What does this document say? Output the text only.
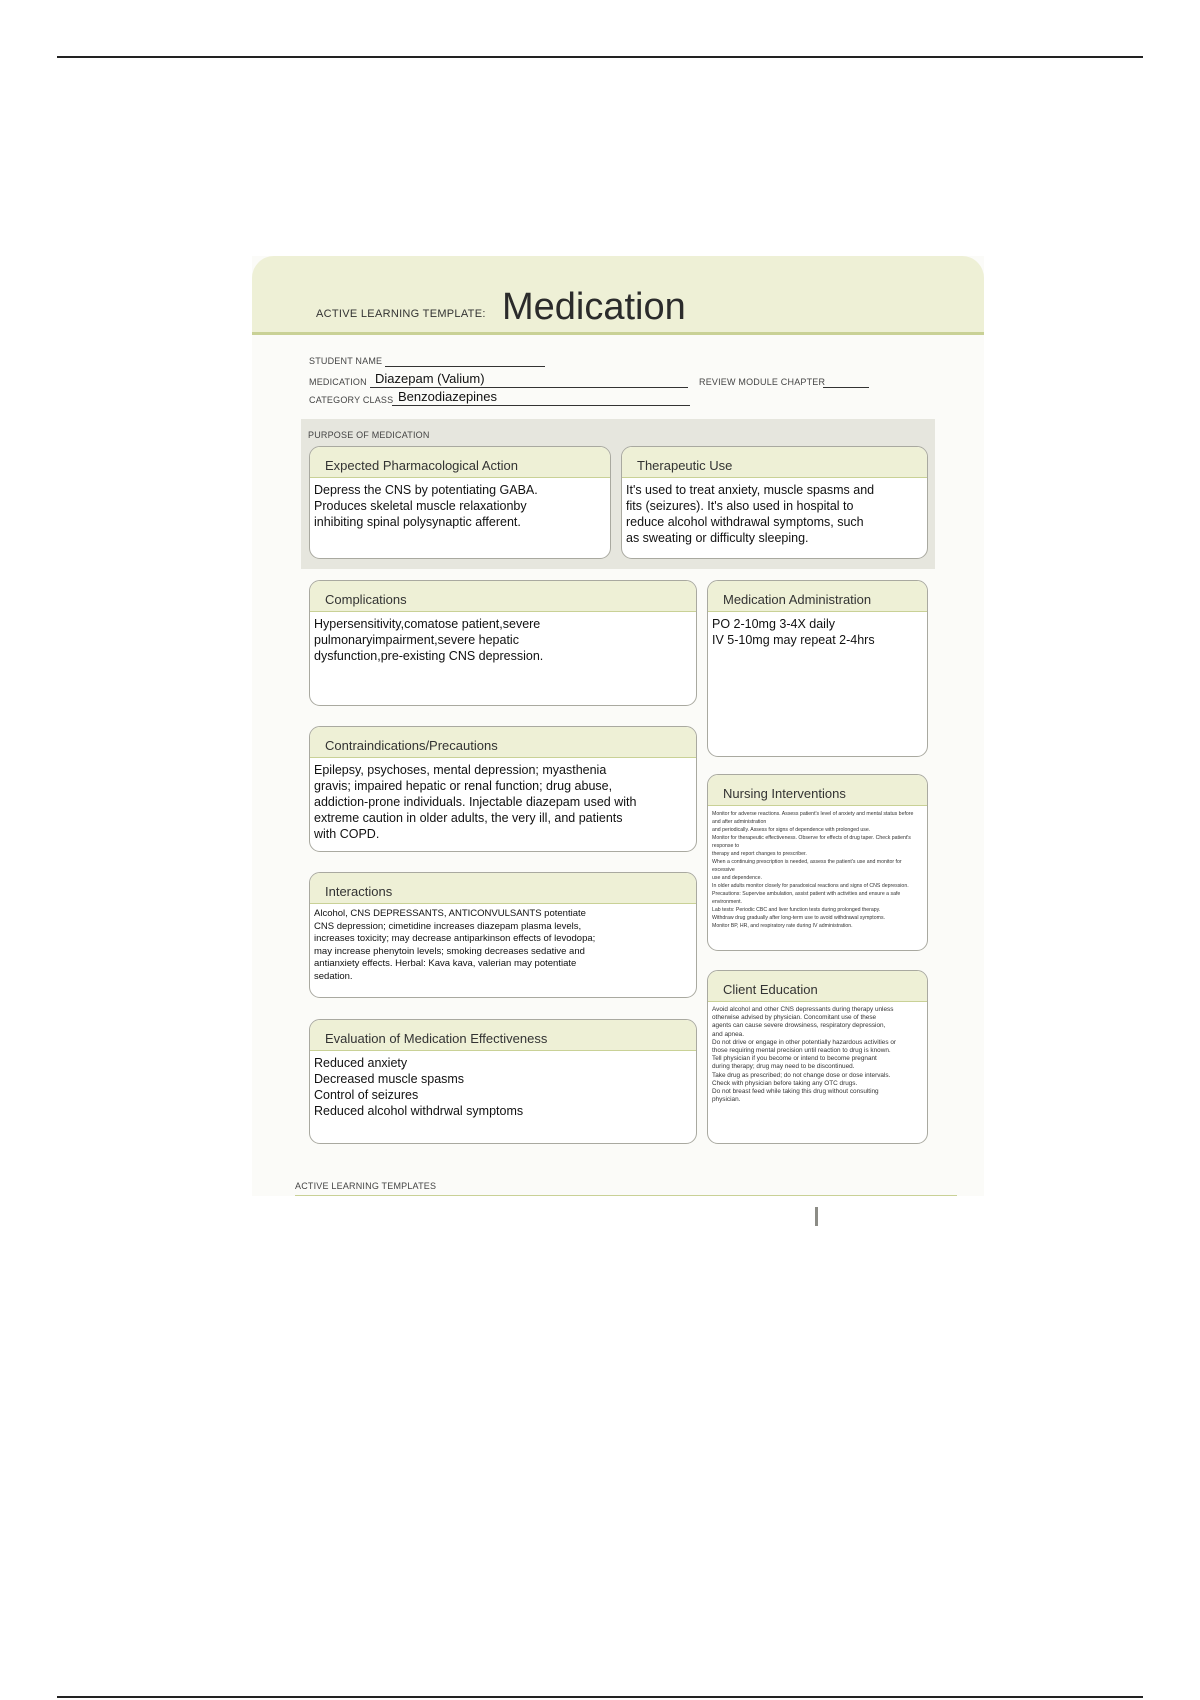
ACTIVE LEARNING TEMPLATE: Medication
STUDENT NAME
MEDICATION Diazepam (Valium)	REVIEW MODULE CHAPTER
CATEGORY CLASS Benzodiazepines
PURPOSE OF MEDICATION
Expected Pharmacological Action
Depress the CNS by potentiating GABA.
Produces skeletal muscle relaxationby
inhibiting spinal polysynaptic afferent.
Therapeutic Use
It's used to treat anxiety, muscle spasms and
fits (seizures). It's also used in hospital to
reduce alcohol withdrawal symptoms, such
as sweating or difficulty sleeping.
Complications
Hypersensitivity,comatose patient,severe
pulmonaryimpairment,severe hepatic
dysfunction,pre-existing CNS depression.
Contraindications/Precautions
Epilepsy, psychoses, mental depression; myasthenia
gravis; impaired hepatic or renal function; drug abuse,
addiction-prone individuals. Injectable diazepam used with
extreme caution in older adults, the very ill, and patients
with COPD.
Interactions
Alcohol, CNS DEPRESSANTS, ANTICONVULSANTS potentiate
CNS depression; cimetidine increases diazepam plasma levels,
increases toxicity; may decrease antiparkinson effects of levodopa;
may increase phenytoin levels; smoking decreases sedative and
antianxiety effects. Herbal: Kava kava, valerian may potentiate
sedation.
Evaluation of Medication Effectiveness
Reduced anxiety
Decreased muscle spasms
Control of seizures
Reduced alcohol withdrwal symptoms
Medication Administration
PO 2-10mg 3-4X daily
IV 5-10mg may repeat 2-4hrs
Nursing Interventions
Monitor for adverse reactions. Assess patient's level of anxiety and mental status before and after administration
and periodically. Assess for signs of dependence with prolonged use.
Monitor for therapeutic effectiveness. Observe for effects of drug taper. Check patient's response to
therapy and report changes to prescriber.
When a continuing prescription is needed, assess the patient's use and monitor for excessive
use and dependence.
In older adults monitor closely for paradoxical reactions and signs of CNS depression.
Precautions: Supervise ambulation, assist patient with activities and ensure a safe environment.
Lab tests: Periodic CBC and liver function tests during prolonged therapy.
Withdraw drug gradually after long-term use to avoid withdrawal symptoms.
Monitor BP, HR, and respiratory rate during IV administration.
Client Education
Avoid alcohol and other CNS depressants during therapy unless
otherwise advised by physician. Concomitant use of these
agents can cause severe drowsiness, respiratory depression,
and apnea.
Do not drive or engage in other potentially hazardous activities or
those requiring mental precision until reaction to drug is known.
Tell physician if you become or intend to become pregnant
during therapy; drug may need to be discontinued.
Take drug as prescribed; do not change dose or dose intervals.
Check with physician before taking any OTC drugs.
Do not breast feed while taking this drug without consulting
physician.
ACTIVE LEARNING TEMPLATES
